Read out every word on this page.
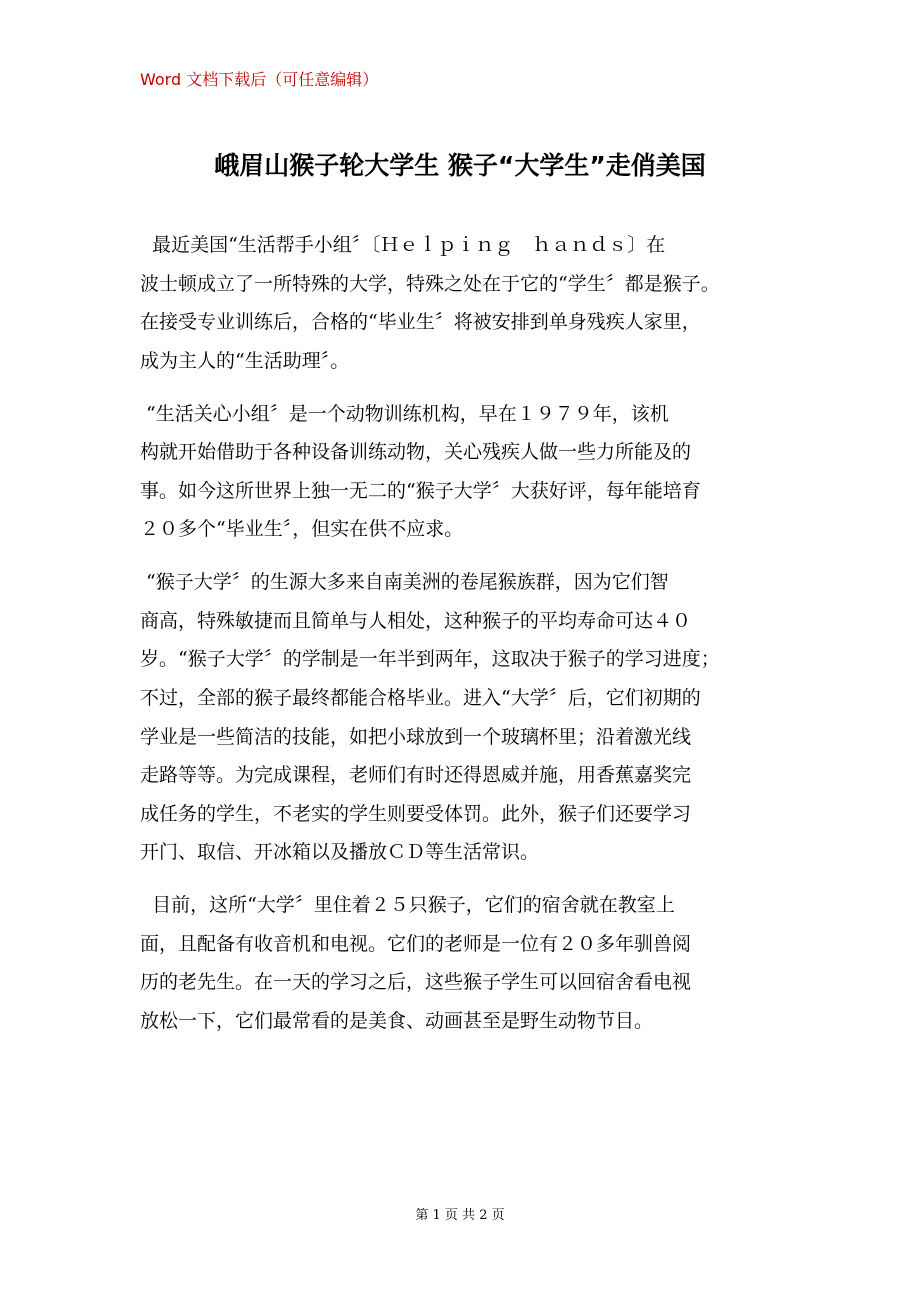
Word 文档下载后（可任意编辑）
峨眉山猴子轮大学生 猴子“大学生”走俏美国
最近美国“生活帮手小组〞〔Ｈｅｌｐｉｎｇ　ｈａｎｄｓ〕在
波士顿成立了一所特殊的大学，特殊之处在于它的“学生〞都是猴子。
在接受专业训练后，合格的“毕业生〞将被安排到单身残疾人家里，
成为主人的“生活助理〞。
“生活关心小组〞是一个动物训练机构，早在１９７９年，该机
构就开始借助于各种设备训练动物，关心残疾人做一些力所能及的
事。如今这所世界上独一无二的“猴子大学〞大获好评，每年能培育
２０多个“毕业生〞，但实在供不应求。
“猴子大学〞的生源大多来自南美洲的卷尾猴族群，因为它们智
商高，特殊敏捷而且简单与人相处，这种猴子的平均寿命可达４０
岁。“猴子大学〞的学制是一年半到两年，这取决于猴子的学习进度；
不过，全部的猴子最终都能合格毕业。进入“大学〞后，它们初期的
学业是一些简洁的技能，如把小球放到一个玻璃杯里；沿着激光线
走路等等。为完成课程，老师们有时还得恩威并施，用香蕉嘉奖完
成任务的学生，不老实的学生则要受体罚。此外，猴子们还要学习
开门、取信、开冰箱以及播放ＣＤ等生活常识。
目前，这所“大学〞里住着２５只猴子，它们的宿舍就在教室上
面，且配备有收音机和电视。它们的老师是一位有２０多年驯兽阅
历的老先生。在一天的学习之后，这些猴子学生可以回宿舍看电视
放松一下，它们最常看的是美食、动画甚至是野生动物节目。
第 1 页 共 2 页
